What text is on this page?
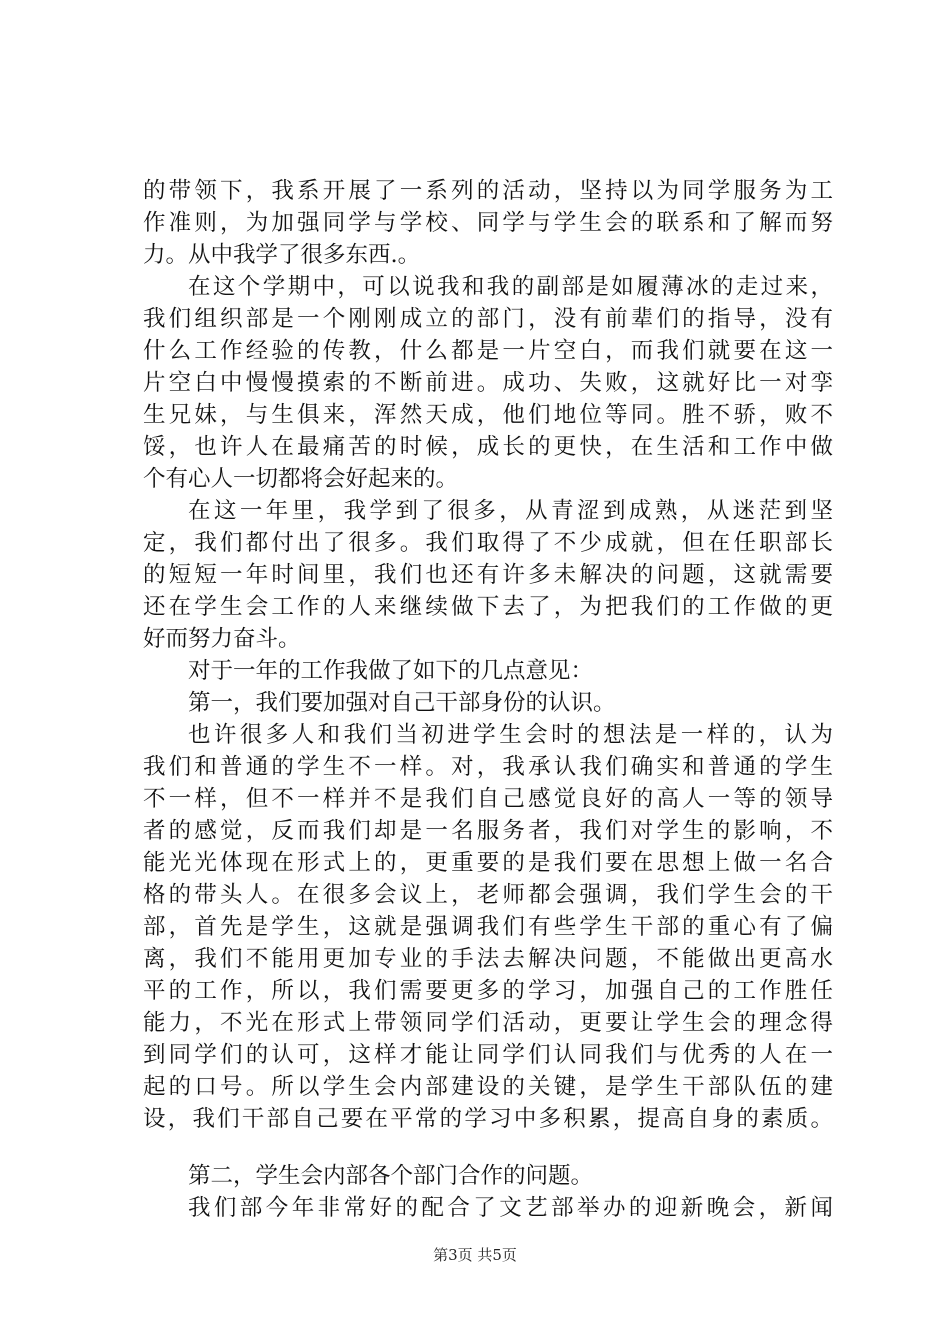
的带领下，我系开展了一系列的活动，坚持以为同学服务为工
作准则，为加强同学与学校、同学与学生会的联系和了解而努
力。从中我学了很多东西.。
在这个学期中，可以说我和我的副部是如履薄冰的走过来，
我们组织部是一个刚刚成立的部门，没有前辈们的指导，没有
什么工作经验的传教，什么都是一片空白，而我们就要在这一
片空白中慢慢摸索的不断前进。成功、失败，这就好比一对孪
生兄妹，与生俱来，浑然天成，他们地位等同。胜不骄，败不
馁，也许人在最痛苦的时候，成长的更快，在生活和工作中做
个有心人一切都将会好起来的。
在这一年里，我学到了很多，从青涩到成熟，从迷茫到坚
定，我们都付出了很多。我们取得了不少成就，但在任职部长
的短短一年时间里，我们也还有许多未解决的问题，这就需要
还在学生会工作的人来继续做下去了，为把我们的工作做的更
好而努力奋斗。
对于一年的工作我做了如下的几点意见：
第一，我们要加强对自己干部身份的认识。
也许很多人和我们当初进学生会时的想法是一样的，认为
我们和普通的学生不一样。对，我承认我们确实和普通的学生
不一样，但不一样并不是我们自己感觉良好的高人一等的领导
者的感觉，反而我们却是一名服务者，我们对学生的影响，不
能光光体现在形式上的，更重要的是我们要在思想上做一名合
格的带头人。在很多会议上，老师都会强调，我们学生会的干
部，首先是学生，这就是强调我们有些学生干部的重心有了偏
离，我们不能用更加专业的手法去解决问题，不能做出更高水
平的工作，所以，我们需要更多的学习，加强自己的工作胜任
能力，不光在形式上带领同学们活动，更要让学生会的理念得
到同学们的认可，这样才能让同学们认同我们与优秀的人在一
起的口号。所以学生会内部建设的关键，是学生干部队伍的建
设，我们干部自己要在平常的学习中多积累，提高自身的素质。
第二，学生会内部各个部门合作的问题。
我们部今年非常好的配合了文艺部举办的迎新晚会，新闻
第3页 共5页
